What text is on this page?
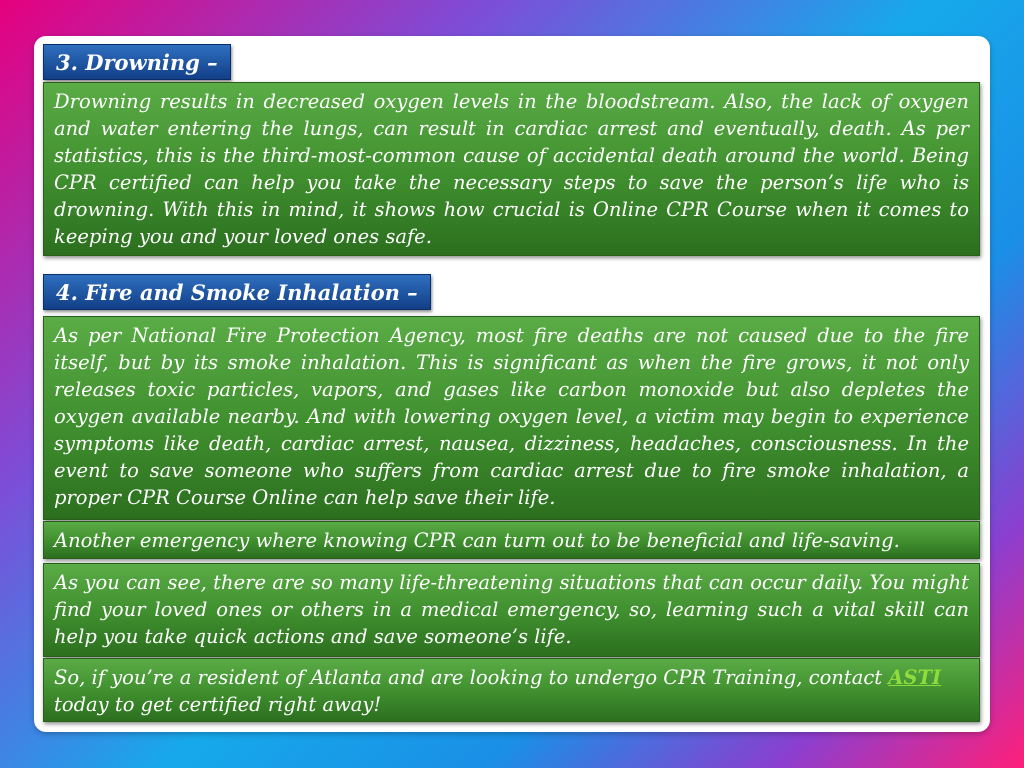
3. Drowning –
Drowning results in decreased oxygen levels in the bloodstream. Also, the lack of oxygen and water entering the lungs, can result in cardiac arrest and eventually, death. As per statistics, this is the third-most-common cause of accidental death around the world. Being CPR certified can help you take the necessary steps to save the person’s life who is drowning. With this in mind, it shows how crucial is Online CPR Course when it comes to keeping you and your loved ones safe.
4. Fire and Smoke Inhalation –
As per National Fire Protection Agency, most fire deaths are not caused due to the fire itself, but by its smoke inhalation. This is significant as when the fire grows, it not only releases toxic particles, vapors, and gases like carbon monoxide but also depletes the oxygen available nearby. And with lowering oxygen level, a victim may begin to experience symptoms like death, cardiac arrest, nausea, dizziness, headaches, consciousness. In the event to save someone who suffers from cardiac arrest due to fire smoke inhalation, a proper CPR Course Online can help save their life.
Another emergency where knowing CPR can turn out to be beneficial and life-saving.
As you can see, there are so many life-threatening situations that can occur daily. You might find your loved ones or others in a medical emergency, so, learning such a vital skill can help you take quick actions and save someone’s life.
So, if you’re a resident of Atlanta and are looking to undergo CPR Training, contact ASTI today to get certified right away!
